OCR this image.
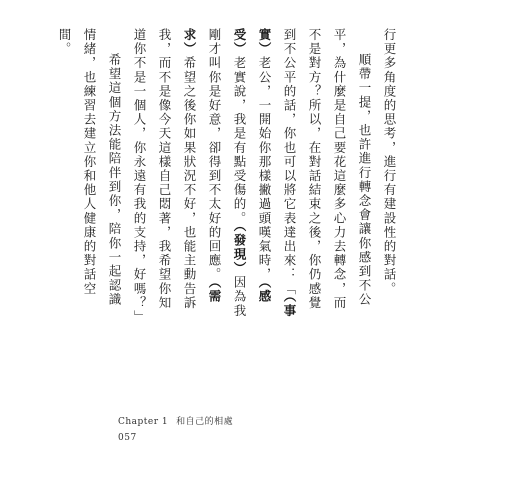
行更多角度的思考，進行有建設性的對話。

順帶一提，也許進行轉念會讓你感到不公平，為什麼是自己要花這麼多心力去轉念，而不是對方？所以，在對話結束之後，你仍感覺到不公平的話，你也可以將它表達出來：「（事實）老公，一開始你那樣撇過頭嘆氣時，（感受）老實說，我是有點受傷的。（發現）因為我剛才叫你是好意，卻得到不太好的回應。（需求）希望之後你如果狀況不好，也能主動告訴我，而不是像今天這樣自己悶著，我希望你知道你不是一個人，你永遠有我的支持，好嗎？」

希望這個方法能陪伴到你，陪你一起認識情緒，也練習去建立你和他人健康的對話空間。

Chapter 1 和自己的相處
057
